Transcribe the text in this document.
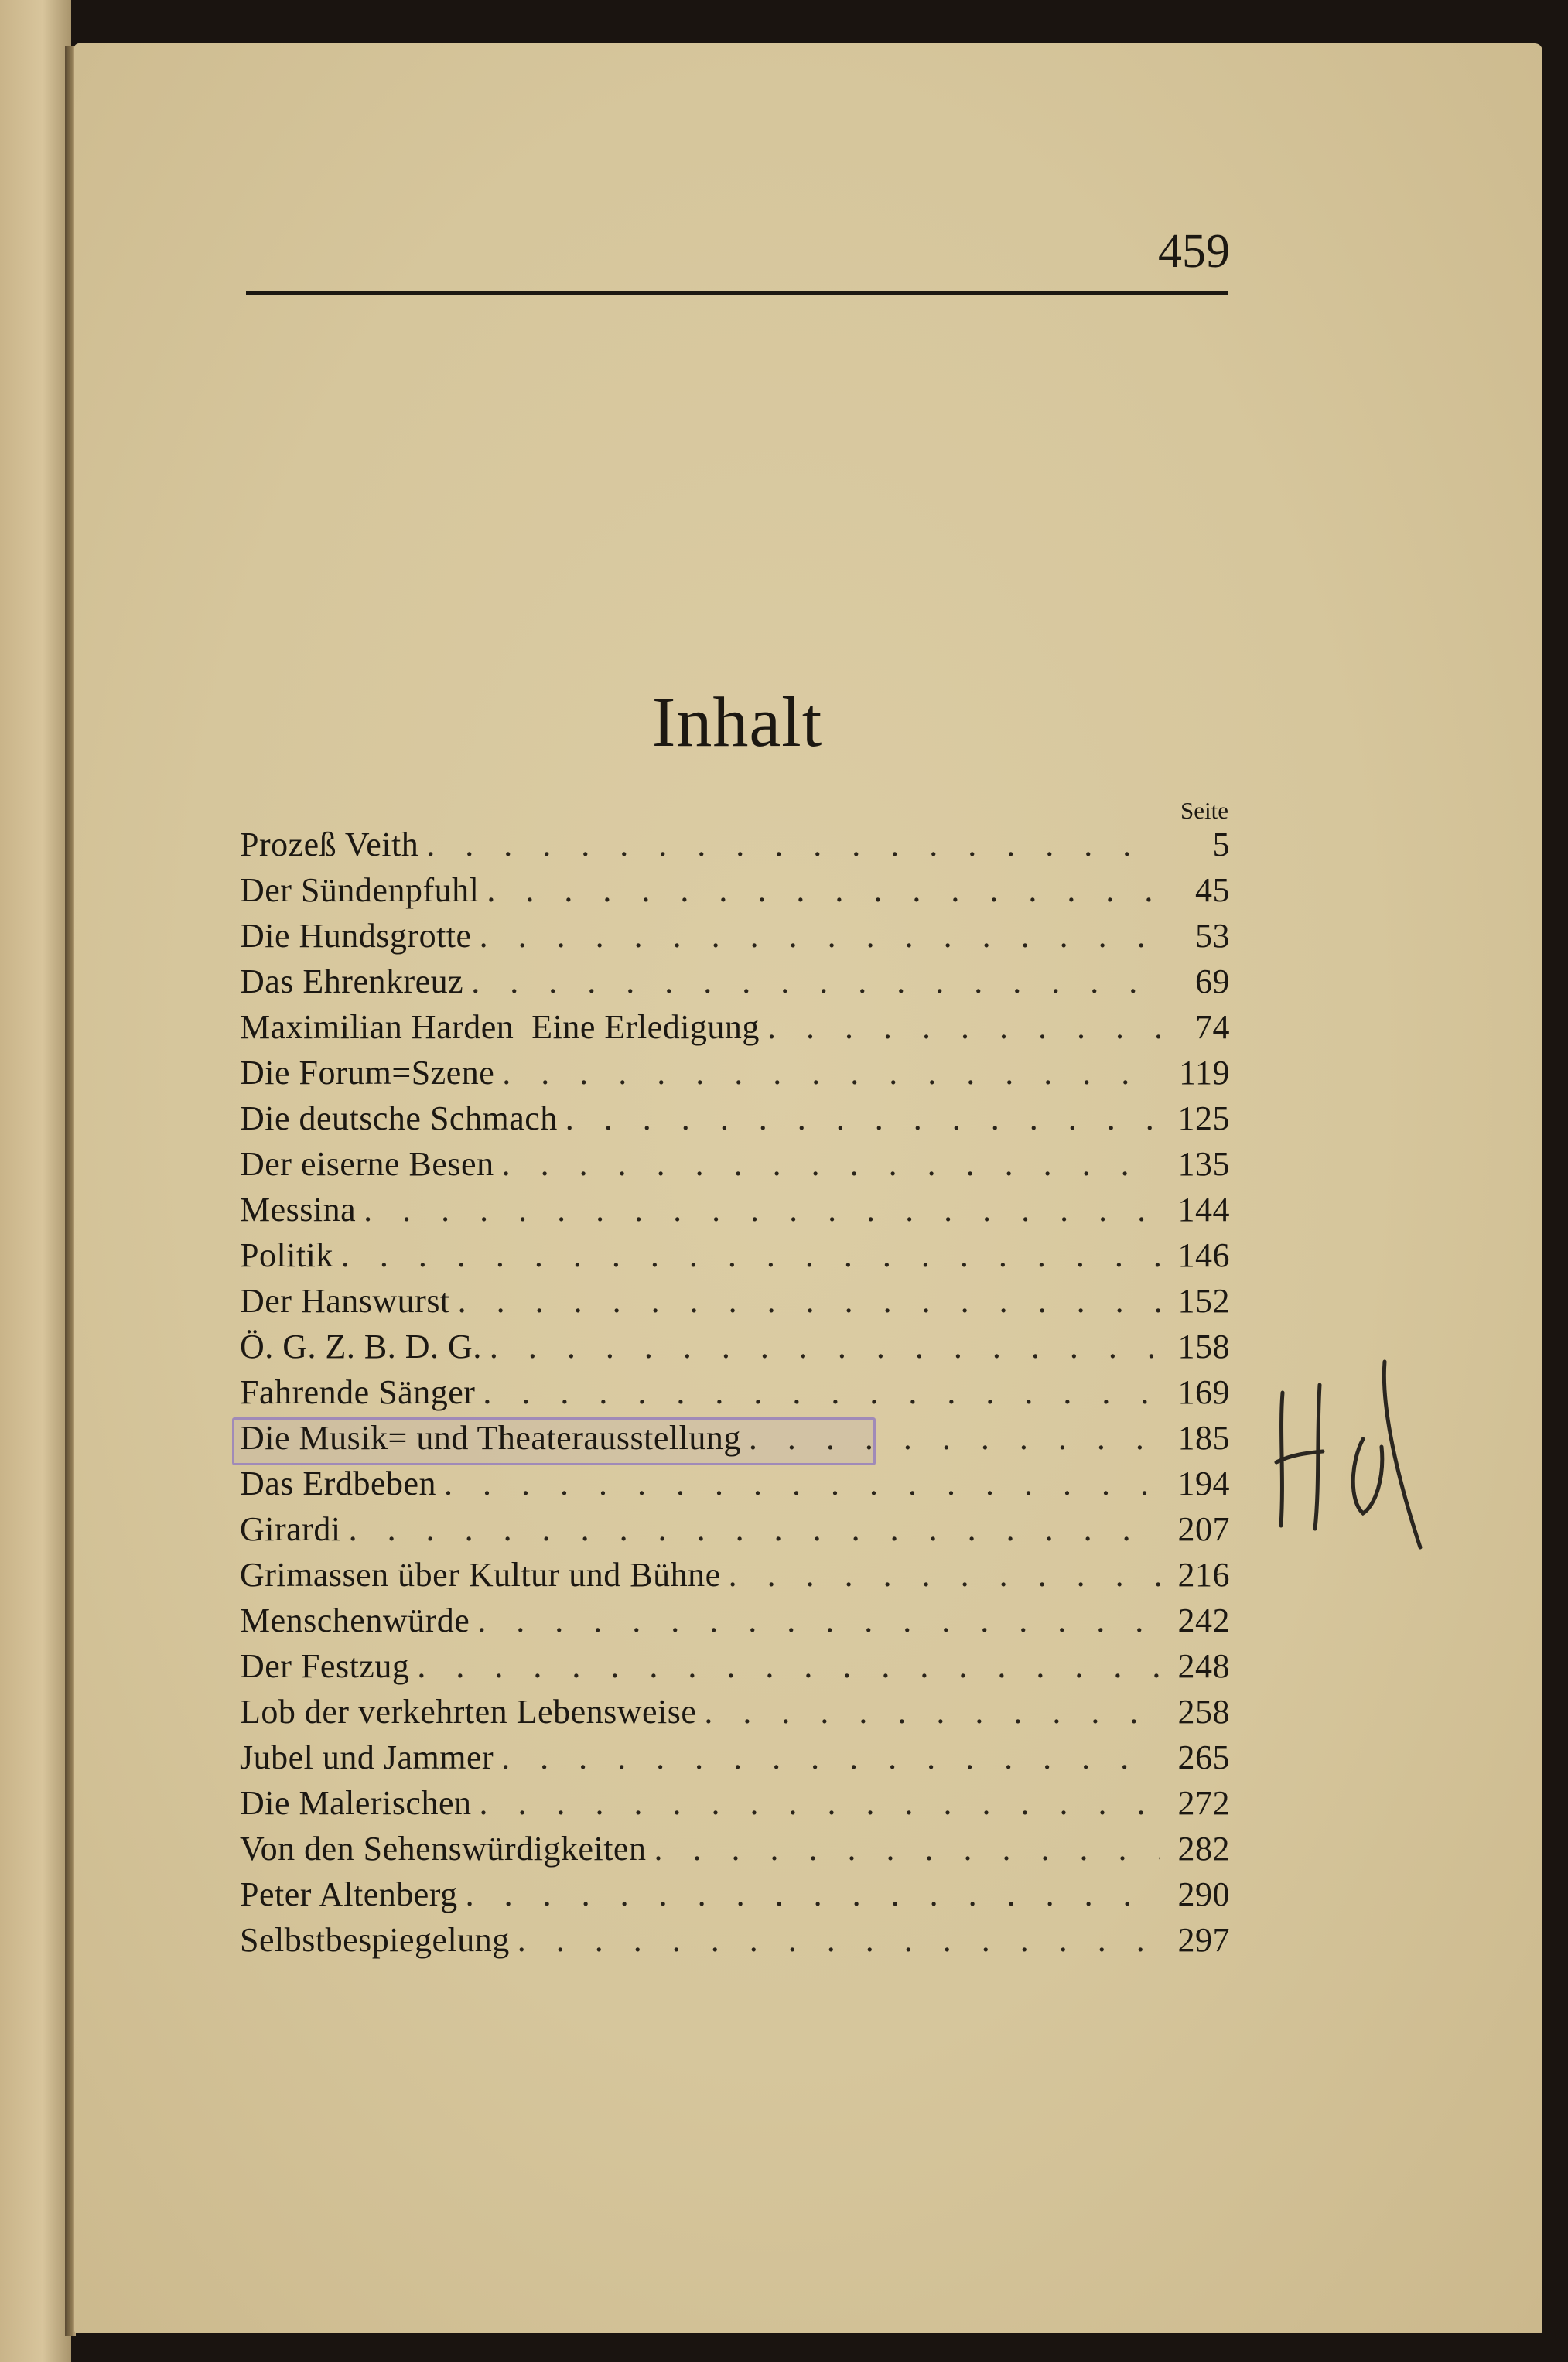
459
Inhalt
Seite
Prozeß Veith . . .	5
Der Sündenpfuhl . . .	45
Die Hundsgrotte . . .	53
Das Ehrenkreuz . . .	69
Maximilian Harden  Eine Erledigung . . .	74
Die Forum=Szene . . .	119
Die deutsche Schmach . . .	125
Der eiserne Besen . . .	135
Messina . . .	144
Politik . . .	146
Der Hanswurst . . .	152
Ö. G. Z. B. D. G. . . .	158
Fahrende Sänger . . .	169
Die Musik= und Theaterausstellung . . .	185
Das Erdbeben . . .	194
Girardi . . .	207
Grimassen über Kultur und Bühne . . .	216
Menschenwürde . . .	242
Der Festzug . . .	248
Lob der verkehrten Lebensweise . . .	258
Jubel und Jammer . . .	265
Die Malerischen . . .	272
Von den Sehenswürdigkeiten . . .	282
Peter Altenberg . . .	290
Selbstbespiegelung . . .	297
